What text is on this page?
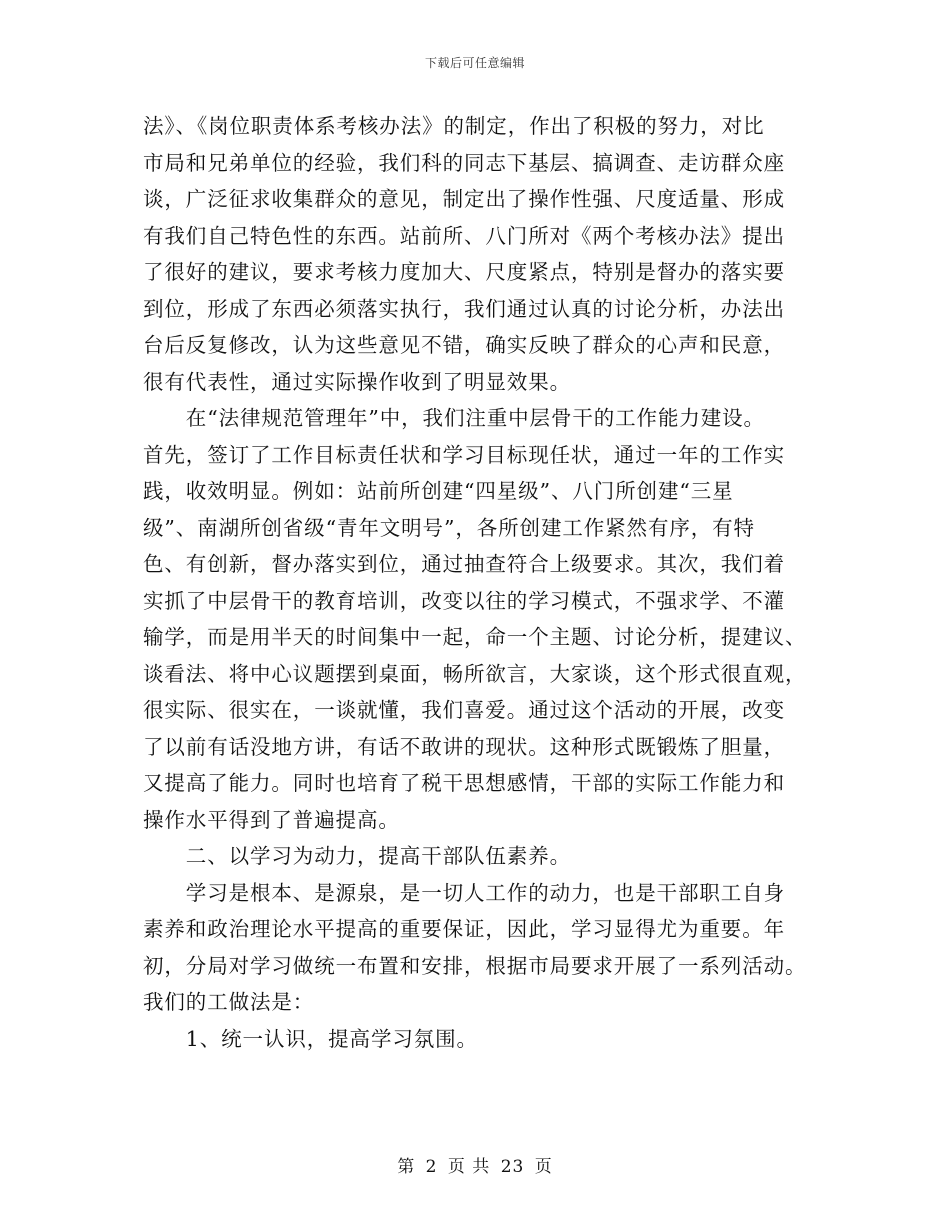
下载后可任意编辑
法》、《岗位职责体系考核办法》的制定，作出了积极的努力，对比
市局和兄弟单位的经验，我们科的同志下基层、搞调查、走访群众座
谈，广泛征求收集群众的意见，制定出了操作性强、尺度适量、形成
有我们自己特色性的东西。站前所、八门所对《两个考核办法》提出
了很好的建议，要求考核力度加大、尺度紧点，特别是督办的落实要
到位，形成了东西必须落实执行，我们通过认真的讨论分析，办法出
台后反复修改，认为这些意见不错，确实反映了群众的心声和民意，
很有代表性，通过实际操作收到了明显效果。
　　在“法律规范管理年”中，我们注重中层骨干的工作能力建设。
首先，签订了工作目标责任状和学习目标现任状，通过一年的工作实
践，收效明显。例如：站前所创建“四星级”、八门所创建“三星
级”、南湖所创省级“青年文明号”，各所创建工作紧然有序，有特
色、有创新，督办落实到位，通过抽查符合上级要求。其次，我们着
实抓了中层骨干的教育培训，改变以往的学习模式，不强求学、不灌
输学，而是用半天的时间集中一起，命一个主题、讨论分析，提建议、
谈看法、将中心议题摆到桌面，畅所欲言，大家谈，这个形式很直观，
很实际、很实在，一谈就懂，我们喜爱。通过这个活动的开展，改变
了以前有话没地方讲，有话不敢讲的现状。这种形式既锻炼了胆量，
又提高了能力。同时也培育了税干思想感情，干部的实际工作能力和
操作水平得到了普遍提高。
　　二、以学习为动力，提高干部队伍素养。
　　学习是根本、是源泉，是一切人工作的动力，也是干部职工自身
素养和政治理论水平提高的重要保证，因此，学习显得尤为重要。年
初，分局对学习做统一布置和安排，根据市局要求开展了一系列活动。
我们的工做法是：
　　1、统一认识，提高学习氛围。
第 2 页 共 23 页
